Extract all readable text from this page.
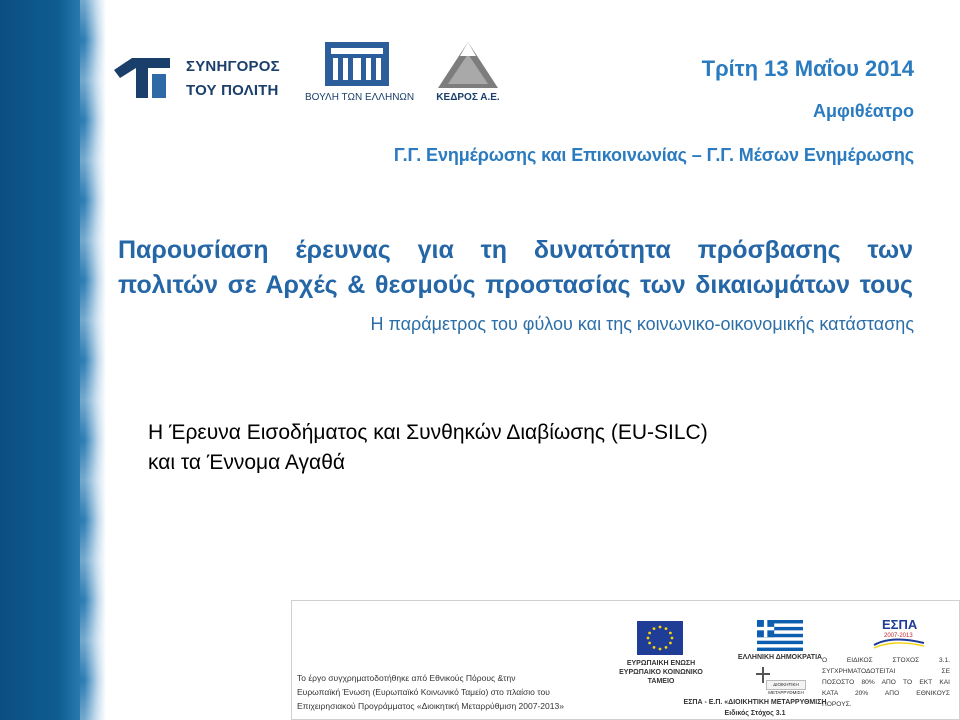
ΣΥΝΗΓΟΡΟΣ
ΤΟΥ ΠΟΛΙΤΗ	ΒΟΥΛΗ ΤΩΝ ΕΛΛΗΝΩΝ	ΚΕΔΡΟΣ Α.Ε.
Τρίτη 13 Μαΐου 2014
Αμφιθέατρο
Γ.Γ. Ενημέρωσης και Επικοινωνίας – Γ.Γ. Μέσων Ενημέρωσης
Παρουσίαση έρευνας για τη δυνατότητα πρόσβασης των
πολιτών σε Αρχές & θεσμούς προστασίας των δικαιωμάτων τους
Η παράμετρος του φύλου και της κοινωνικο-οικονομικής κατάστασης
Η Έρευνα Εισοδήματος και Συνθηκών Διαβίωσης (EU-SILC)
και τα Έννομα Αγαθά
Το έργο συγχρηματοδοτήθηκε από Εθνικούς Πόρους &την
Ευρωπαϊκή Ένωση (Ευρωπαϊκό Κοινωνικό Ταμείο) στο πλαίσιο του
Επιχειρησιακού Προγράμματος «Διοικητική Μεταρρύθμιση 2007-2013»
ΕΥΡΩΠΑΙΚΗ ΕΝΩΣΗ
ΕΥΡΩΠΑΙΚΟ ΚΟΙΝΩΝΙΚΟ
ΤΑΜΕΙΟ
ΕΛΛΗΝΙΚΗ ΔΗΜΟΚΡΑΤΙΑ
ΔΙΟΙΚΗΤΙΚΗ ΜΕΤΑΡΡΥΘΜΙΣΗ
ΕΣΠΑ - Ε.Π. «ΔΙΟΙΚΗΤΙΚΗ ΜΕΤΑΡΡΥΘΜΙΣΗ
Ειδικός Στόχος 3.1
ΕΣΠΑ
2007-2013
Ο ΕΙΔΙΚΟΣ ΣΤΟΧΟΣ 3.1.
ΣΥΓΧΡΗΜΑΤΟΔΟΤΕΙΤΑΙ ΣΕ
ΠΟΣΟΣΤΟ 80% ΑΠΟ ΤΟ ΕΚΤ ΚΑΙ
ΚΑΤΑ 20% ΑΠΟ ΕΘΝΙΚΟΥΣ
ΠΟΡΟΥΣ.
